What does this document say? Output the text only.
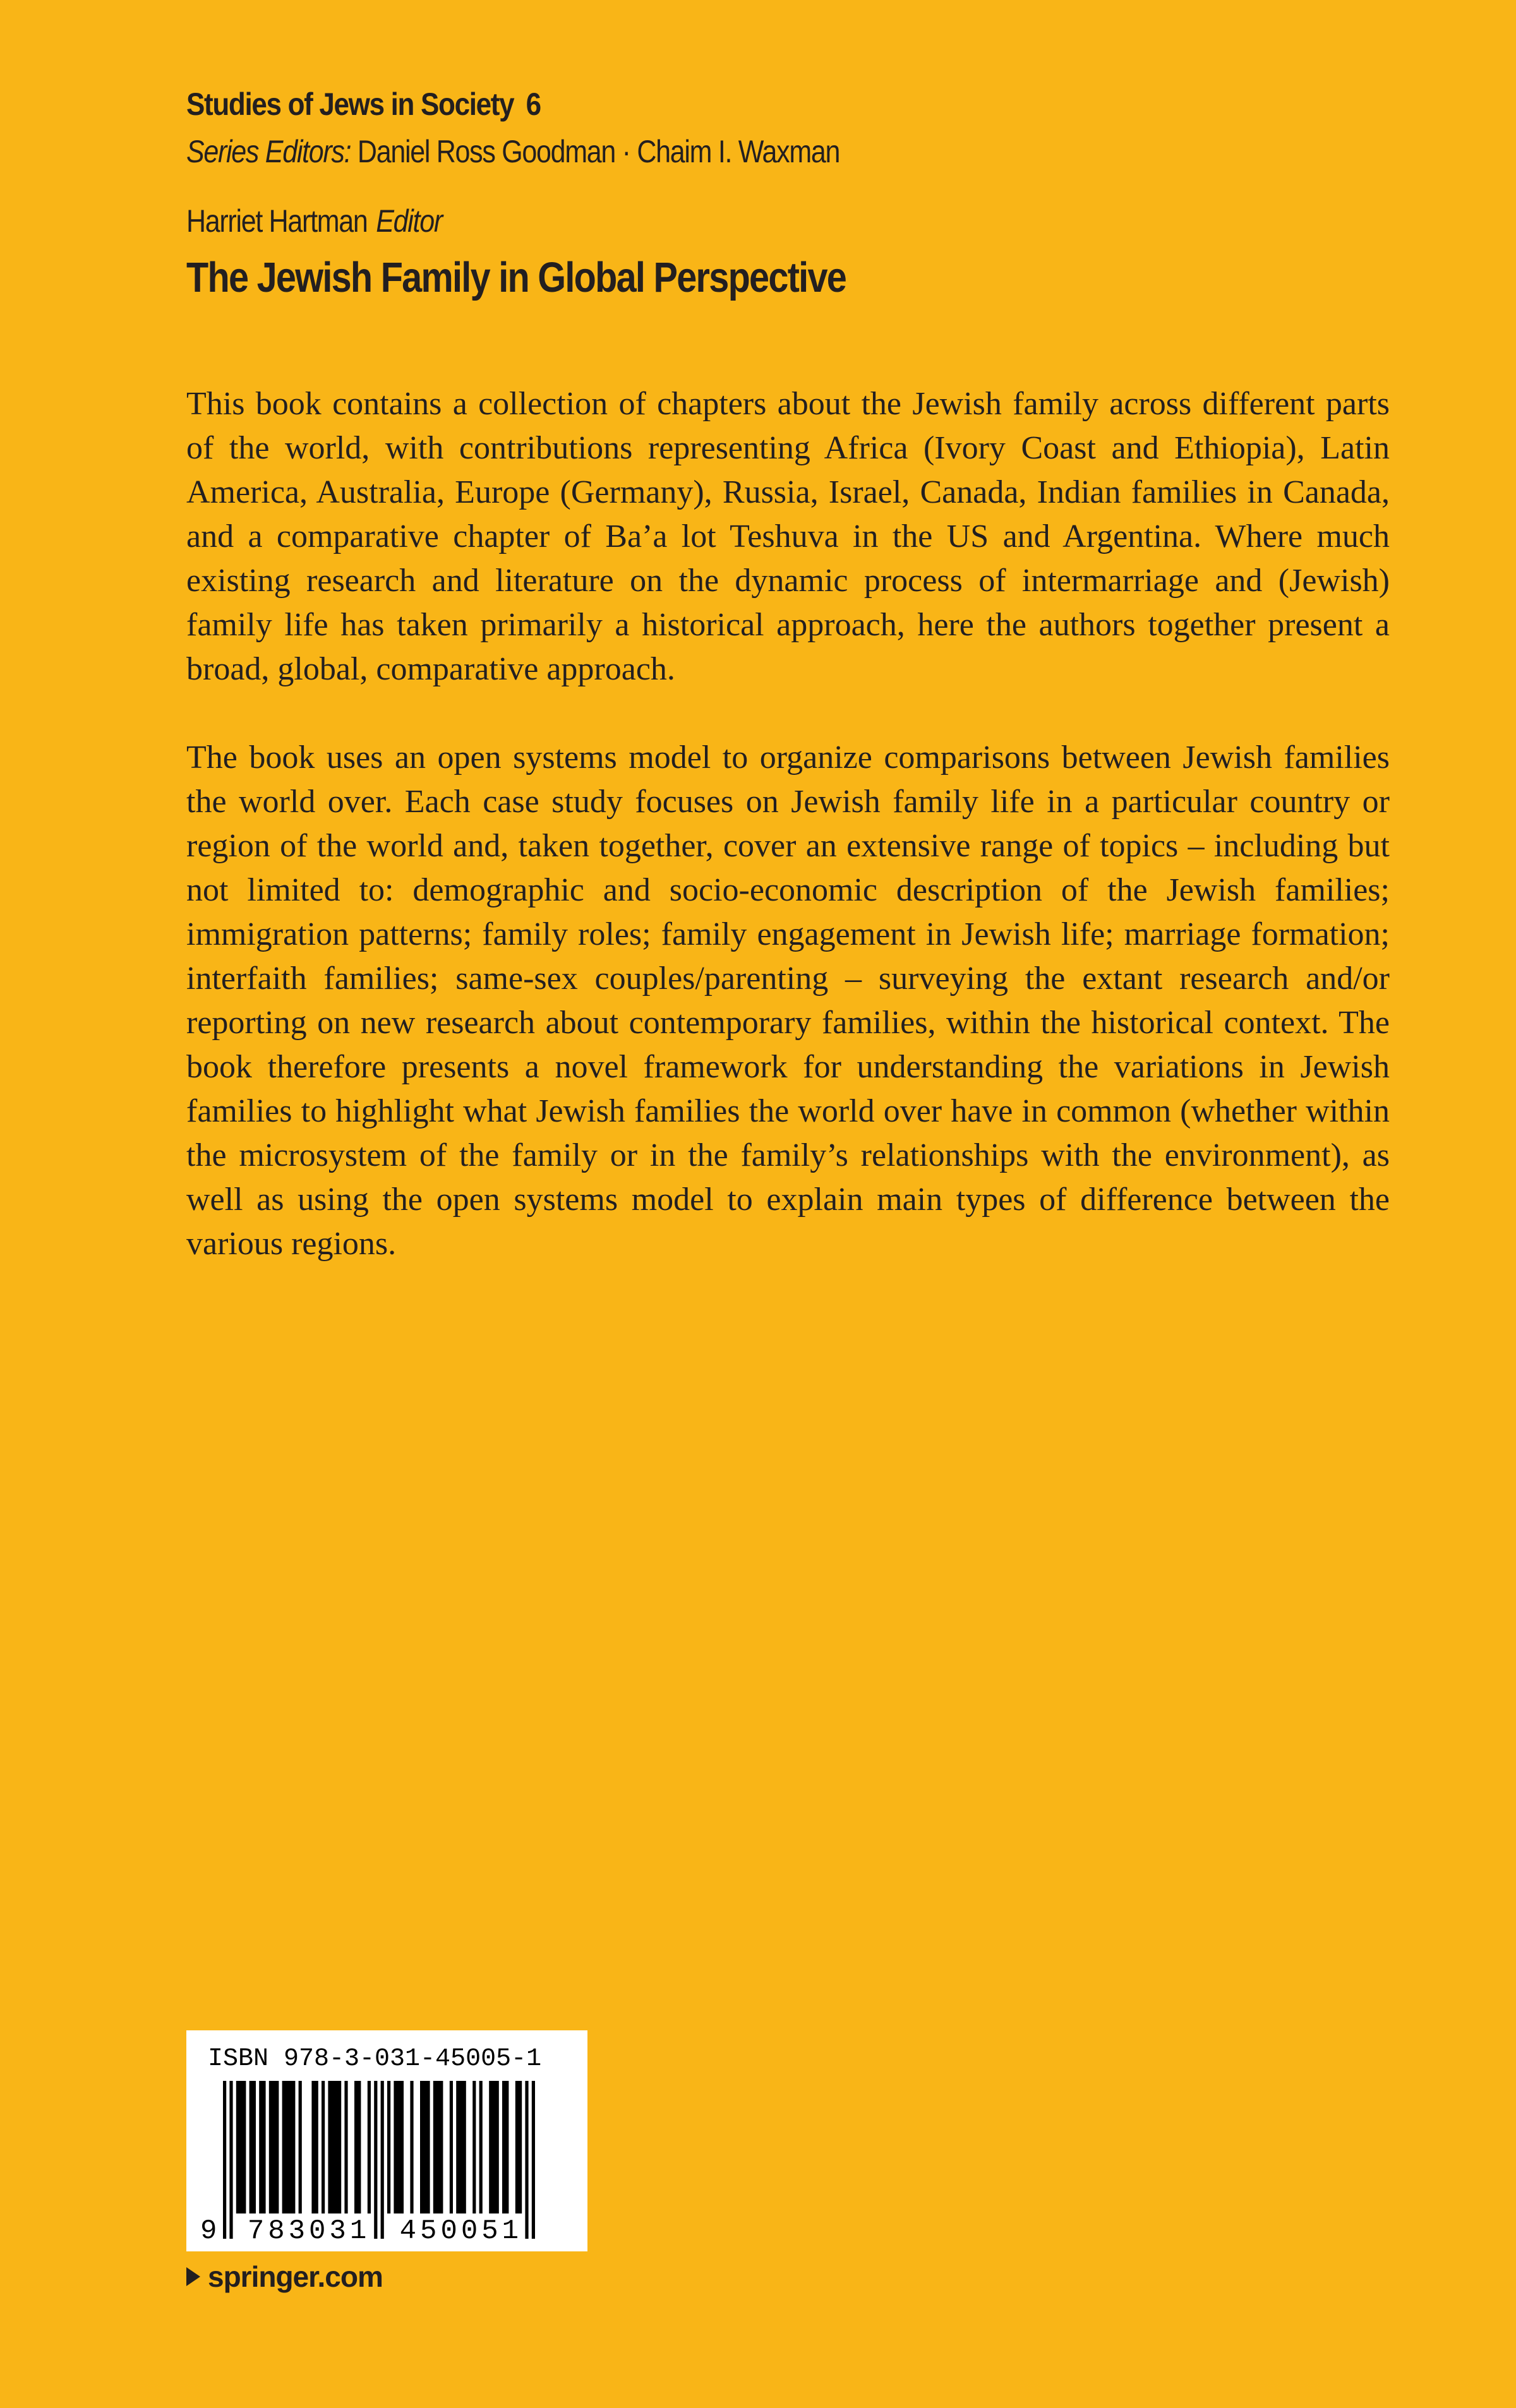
Studies of Jews in Society 6
Series Editors: Daniel Ross Goodman · Chaim I. Waxman
Harriet Hartman Editor
The Jewish Family in Global Perspective

This book contains a collection of chapters about the Jewish family across different parts of the world, with contributions representing Africa (Ivory Coast and Ethiopia), Latin America, Australia, Europe (Germany), Russia, Israel, Canada, Indian families in Canada, and a comparative chapter of Ba’a lot Teshuva in the US and Argentina. Where much existing research and literature on the dynamic process of intermarriage and (Jewish) family life has taken primarily a historical approach, here the authors together present a broad, global, comparative approach.

The book uses an open systems model to organize comparisons between Jewish families the world over. Each case study focuses on Jewish family life in a particular country or region of the world and, taken together, cover an extensive range of topics – including but not limited to: demographic and socio-economic description of the Jewish families; immigration patterns; family roles; family engagement in Jewish life; marriage formation; interfaith families; same-sex couples/parenting – surveying the extant research and/or reporting on new research about contemporary families, within the historical context. The book therefore presents a novel framework for understanding the variations in Jewish families to highlight what Jewish families the world over have in common (whether within the microsystem of the family or in the family’s relationships with the environment), as well as using the open systems model to explain main types of difference between the various regions.

ISBN 978-3-031-45005-1
9 783031 450051
springer.com
